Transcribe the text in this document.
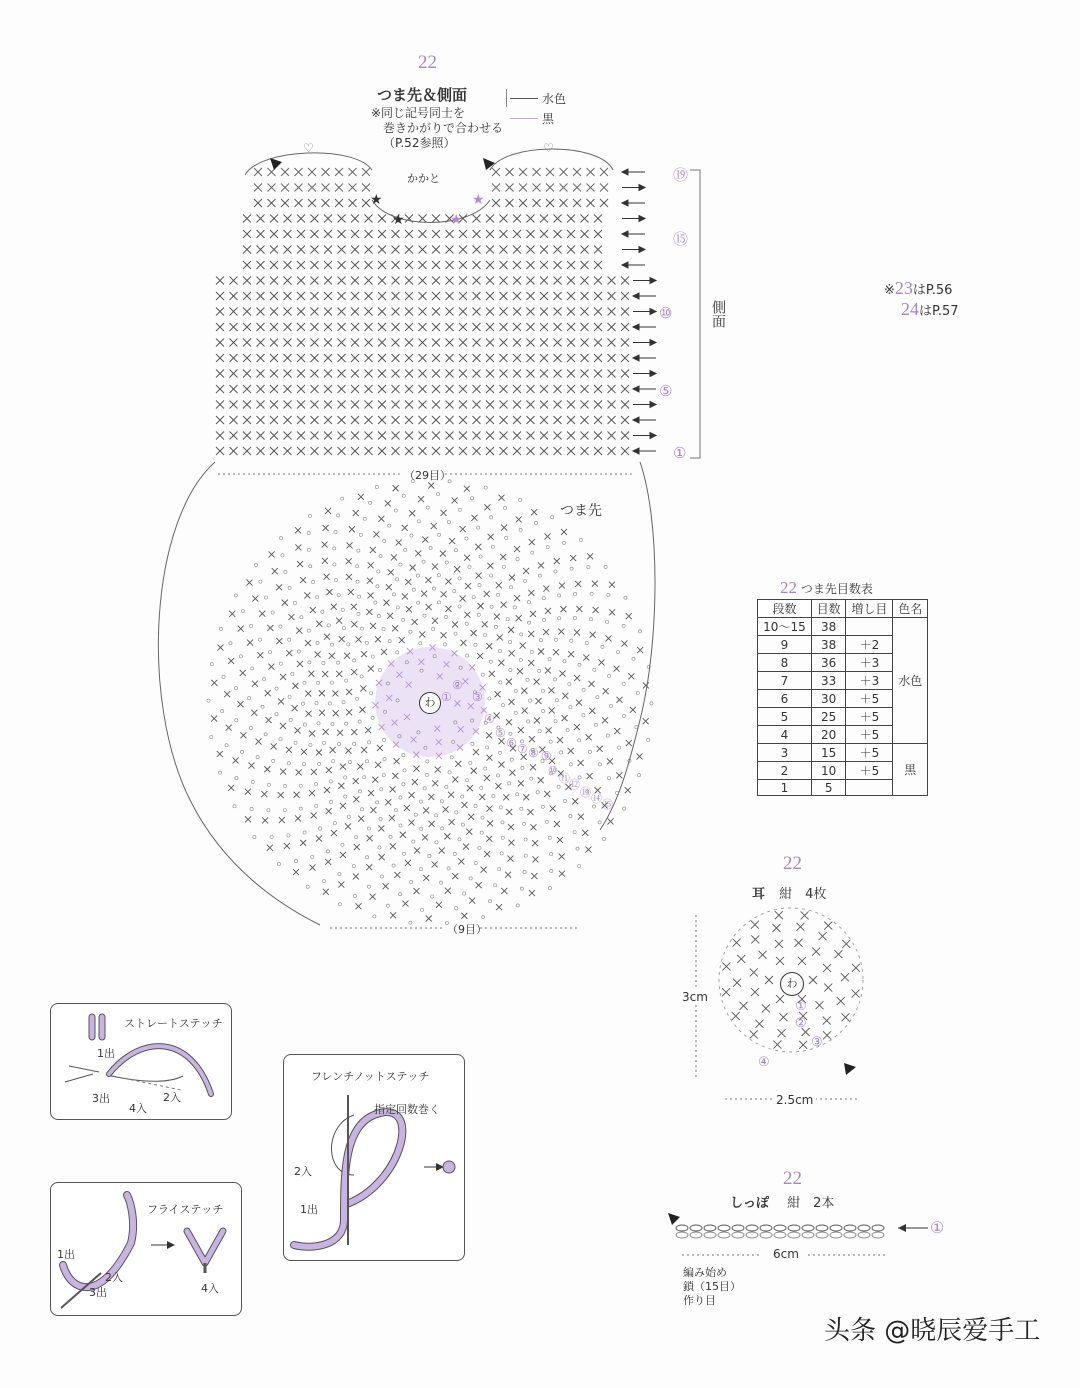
22
つま先＆側面
※同じ記号同士を
巻きかがりで合わせる
（P.52参照）
水色
黒
♡	♡
★
★	★
★
かかと
側面
（29目）
つま先
（9目）
⑲
⑮
⑩
⑤
①
わ ①
②
③
④
⑤
⑥ ⑦ ⑧ ⑨
⑩
⑪ ⑫
⑬ ⑭ ⑮
※23はP.56
24はP.57
22 つま先目数表
段数	目数	増し目	色名
10〜15	38		水色
9	38	＋2	
8	36	＋3	
7	33	＋3	
6	30	＋5	
5	25	＋5	
4	20	＋5	
3	15	＋5	黒
2	10	＋5	
1	5		
22
耳 紺　4枚
3cm
2.5cm
わ
①
②
③
④
22
しっぽ 紺　2本
①
6cm
編み始め
鎖（15目）
作り目
ストレートステッチ
1出
2入
3出
4入
フレンチノットステッチ
指定回数巻く
2入
1出
フライステッチ
1出
2入
3出	4入
头条 @晓辰爱手工
